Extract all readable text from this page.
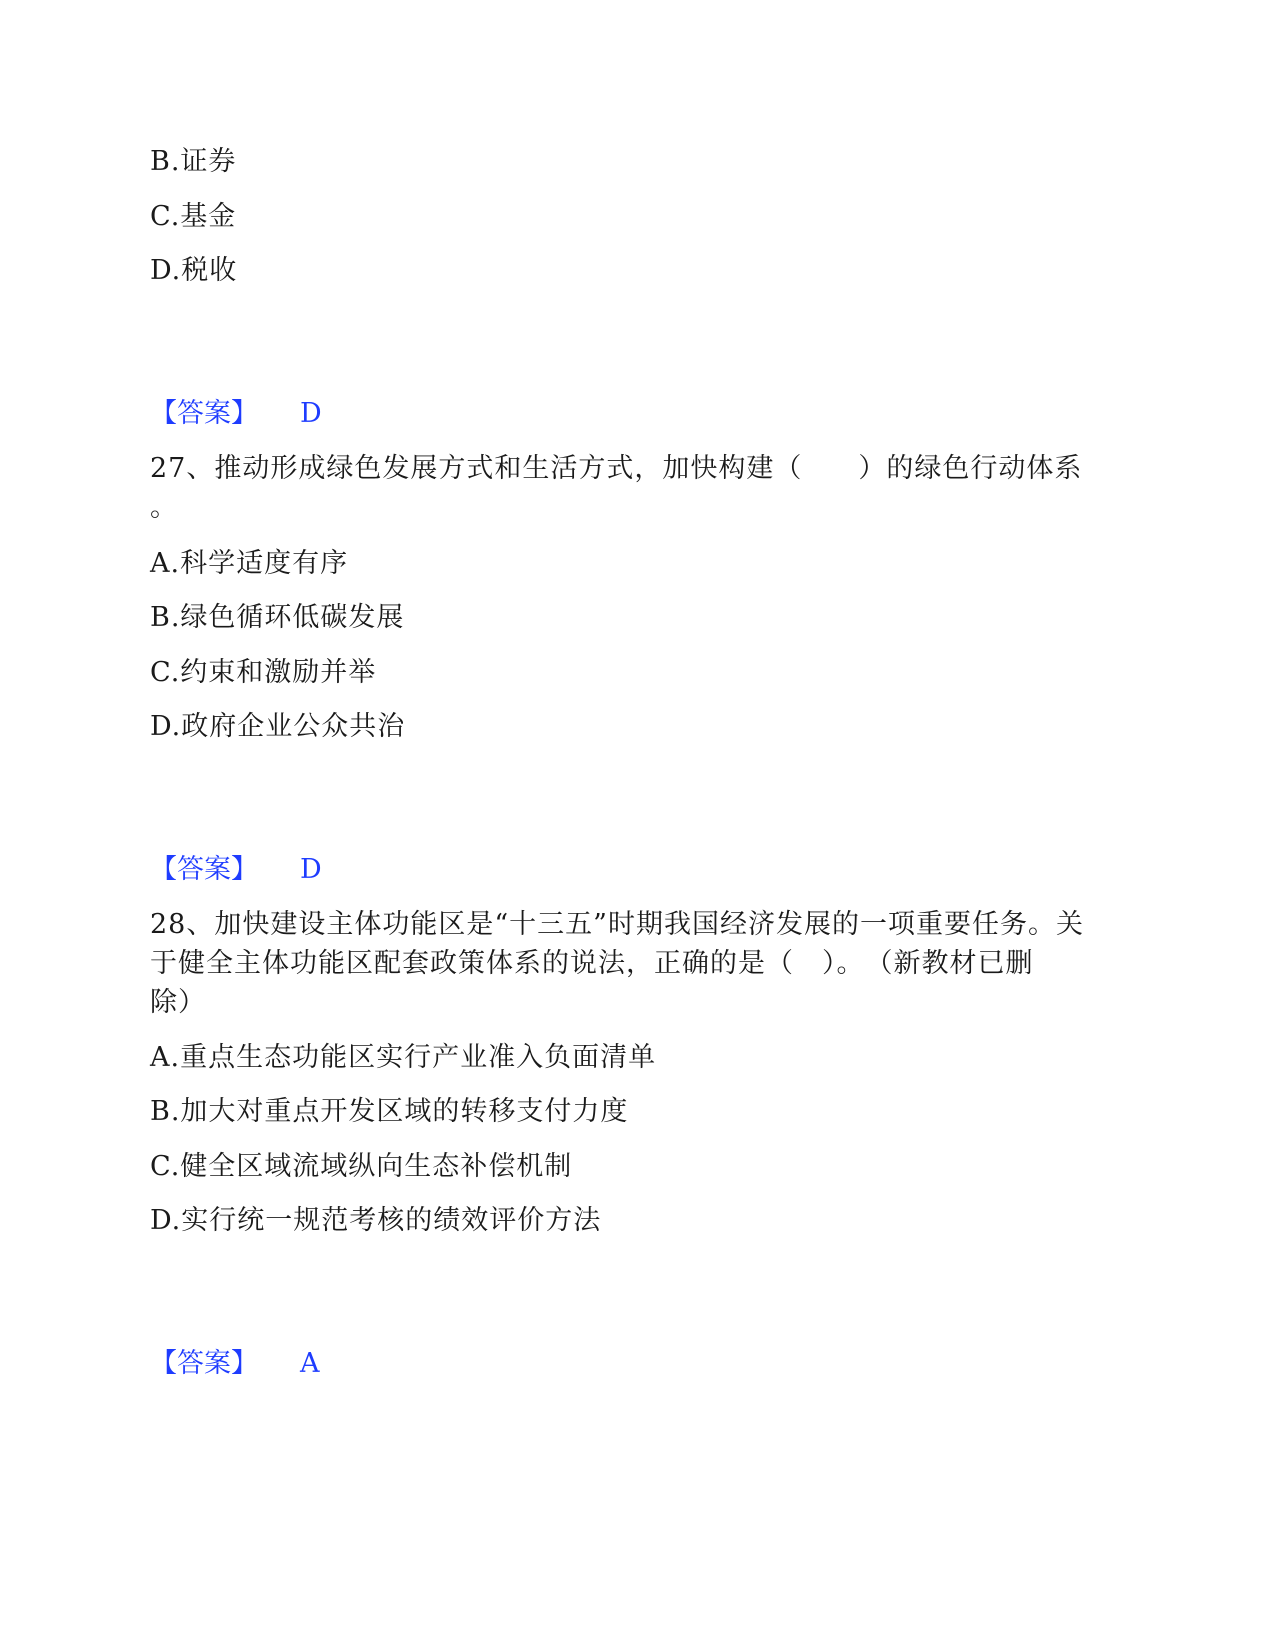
B.证券
C.基金
D.税收
【答案】 D
27、推动形成绿色发展方式和生活方式，加快构建（　　）的绿色行动体系
。
A.科学适度有序
B.绿色循环低碳发展
C.约束和激励并举
D.政府企业公众共治
【答案】 D
28、加快建设主体功能区是“十三五”时期我国经济发展的一项重要任务。关
于健全主体功能区配套政策体系的说法，正确的是（　）。　（新教材已删
除）
A.重点生态功能区实行产业准入负面清单
B.加大对重点开发区域的转移支付力度
C.健全区域流域纵向生态补偿机制
D.实行统一规范考核的绩效评价方法
【答案】 A
